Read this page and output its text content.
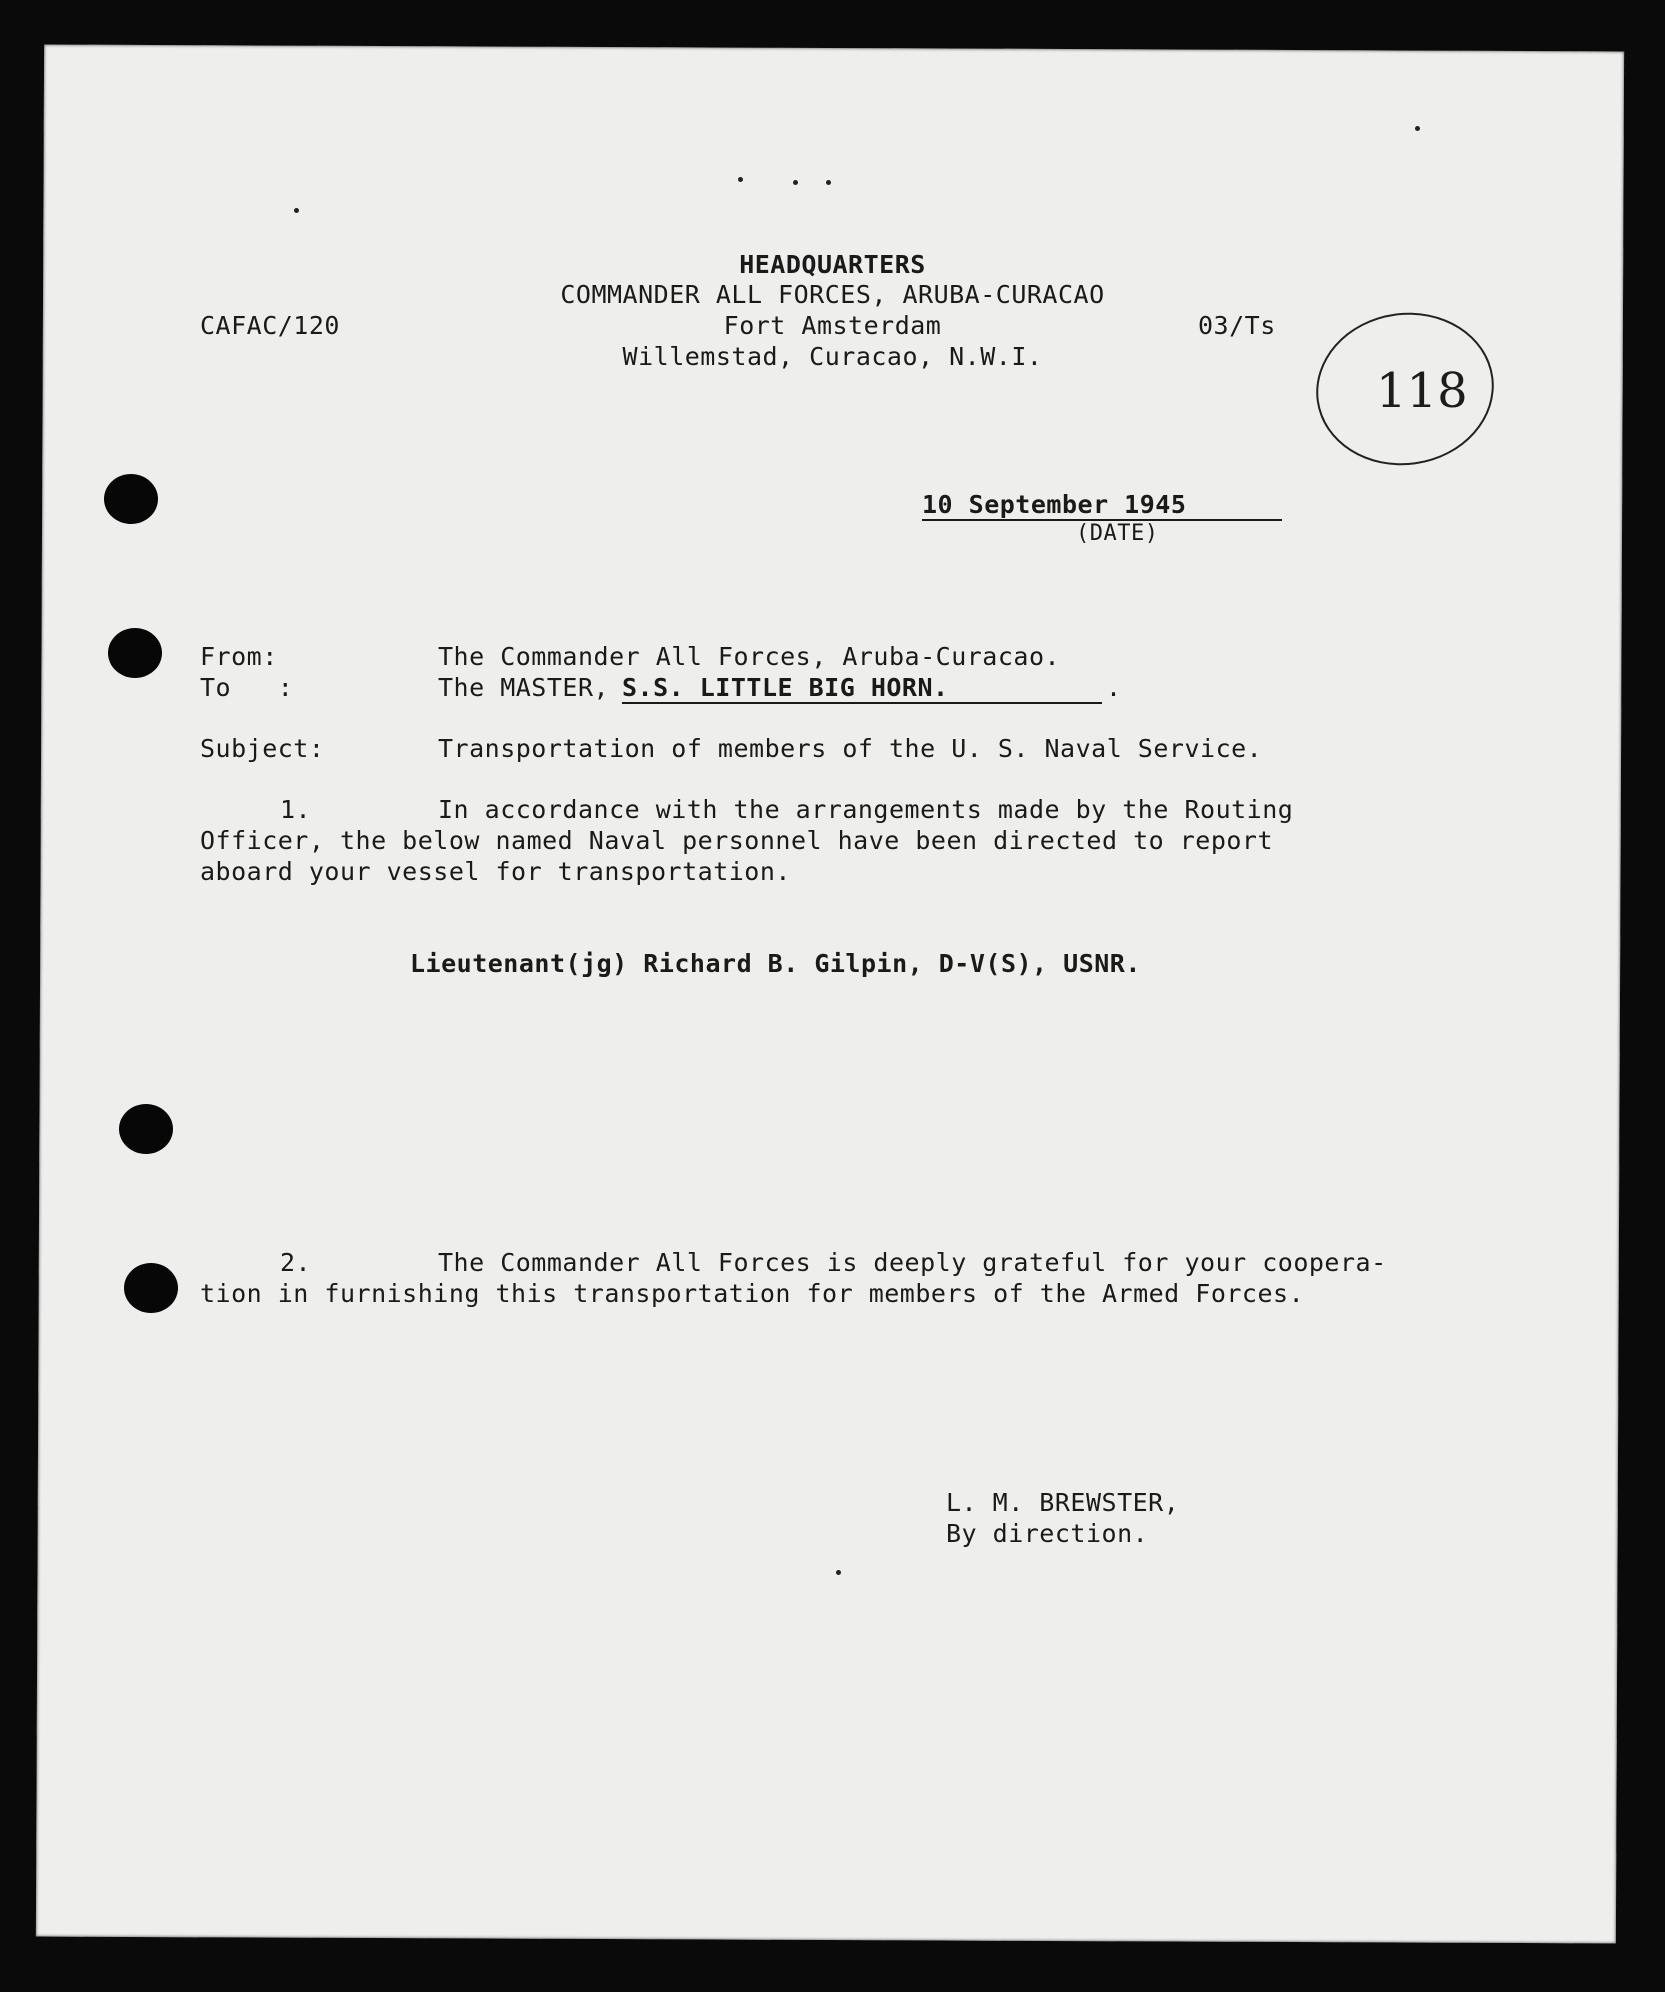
118
HEADQUARTERS
COMMANDER ALL FORCES, ARUBA-CURACAO
Fort Amsterdam
Willemstad, Curacao, N.W.I.
CAFAC/120	03/Ts
10 September 1945
(DATE)
From:	The Commander All Forces, Aruba-Curacao.
To   :	The MASTER, S.S. LITTLE BIG HORN.	.
Subject:	Transportation of members of the U. S. Naval Service.
1.	In accordance with the arrangements made by the Routing
Officer, the below named Naval personnel have been directed to report
aboard your vessel for transportation.
Lieutenant(jg) Richard B. Gilpin, D-V(S), USNR.
2.	The Commander All Forces is deeply grateful for your coopera-
tion in furnishing this transportation for members of the Armed Forces.
L. M. BREWSTER,
By direction.
